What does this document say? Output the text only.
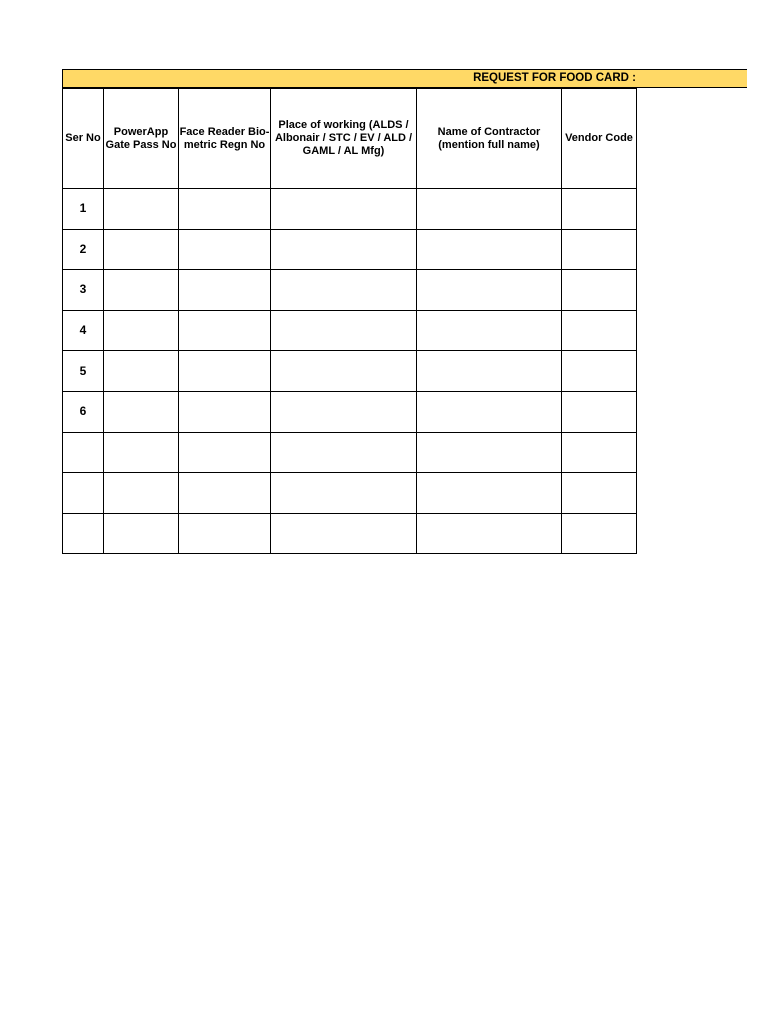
REQUEST FOR FOOD CARD :
Ser No	PowerApp Gate Pass No	Face Reader Bio-metric Regn No	Place of working (ALDS / Albonair / STC / EV / ALD / GAML / AL Mfg)	Name of Contractor (mention full name)	Vendor Code
1					
2					
3					
4					
5					
6					
